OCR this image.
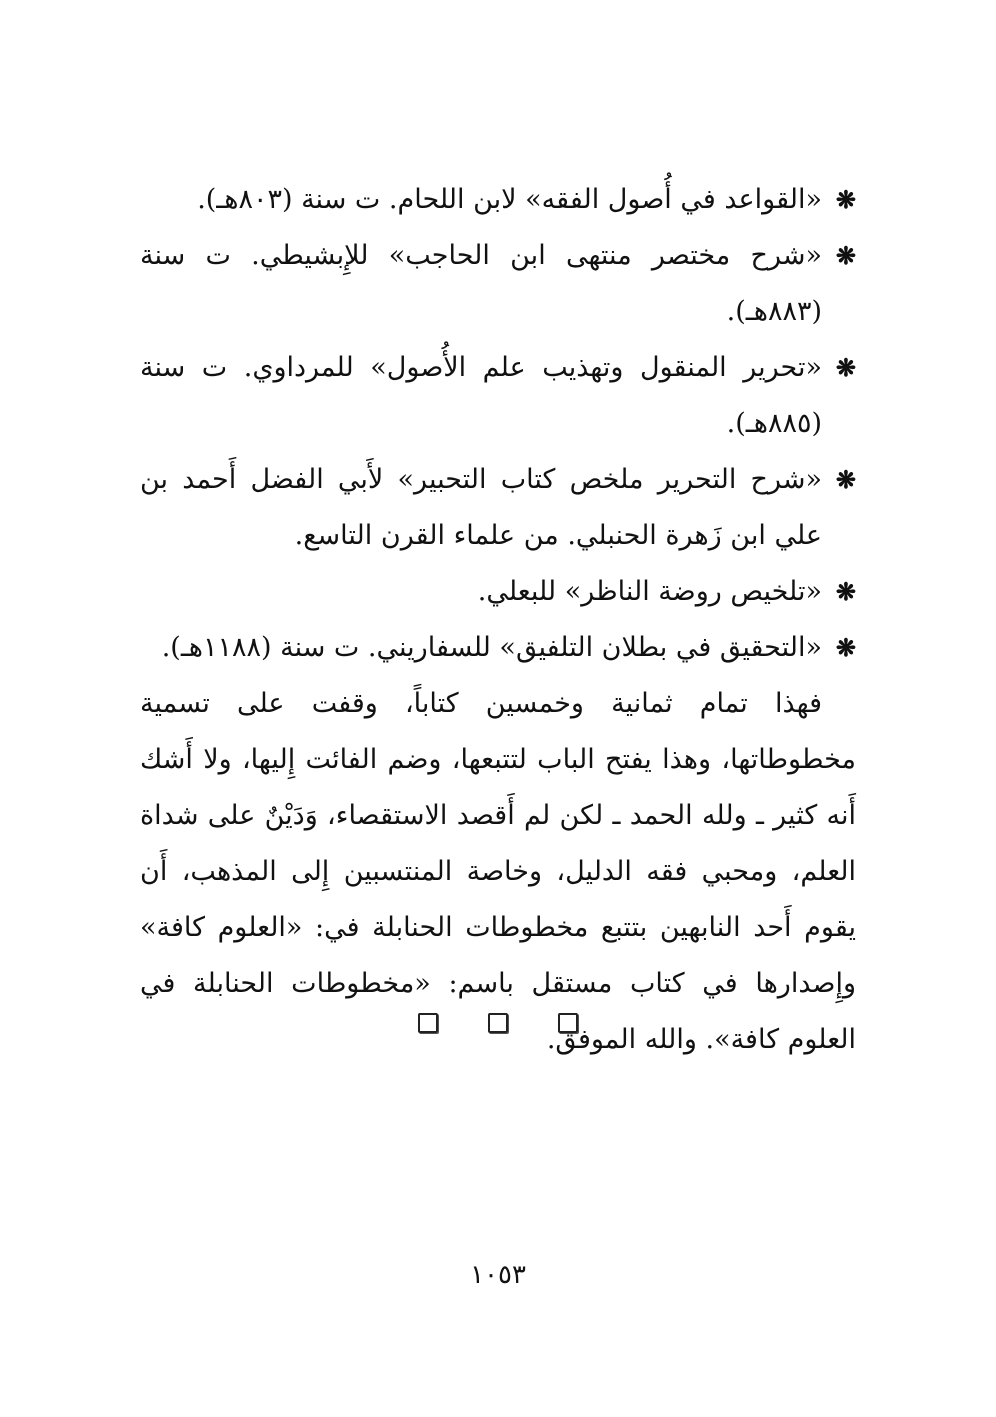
❋
«القواعد في أُصول الفقه» لابن اللحام. ت سنة (٨٠٣هـ).
❋
«شرح مختصر منتهى ابن الحاجب» للإِبشيطي. ت سنة (٨٨٣هـ).
❋
«تحرير المنقول وتهذيب علم الأُصول» للمرداوي. ت سنة (٨٨٥هـ).
❋
«شرح التحرير ملخص كتاب التحبير» لأَبي الفضل أَحمد بن علي ابن زَهرة الحنبلي. من علماء القرن التاسع.
❋
«تلخيص روضة الناظر» للبعلي.
❋
«التحقيق في بطلان التلفيق» للسفاريني. ت سنة (١١٨٨هـ).

فهذا تمام ثمانية وخمسين كتاباً، وقفت على تسمية مخطوطاتها، وهذا يفتح الباب لتتبعها، وضم الفائت إِليها، ولا أَشك أَنه كثير ـ ولله الحمد ـ لكن لم أَقصد الاستقصاء، وَدَيْنٌ على شداة العلم، ومحبي فقه الدليل، وخاصة المنتسبين إِلى المذهب، أَن يقوم أَحد النابهين بتتبع مخطوطات الحنابلة في: «العلوم كافة» وإِصدارها في كتاب مستقل باسم: «مخطوطات الحنابلة في العلوم كافة». والله الموفق.

١٠٥٣
